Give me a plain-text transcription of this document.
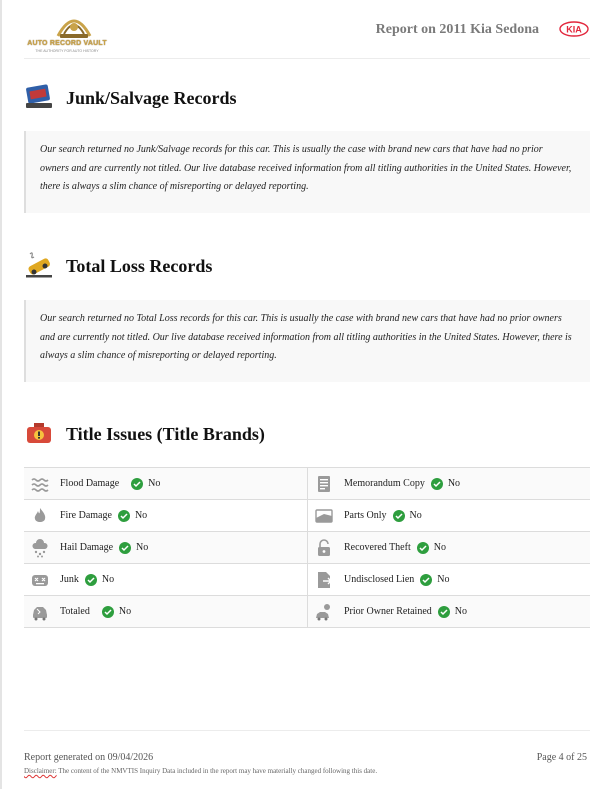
AUTO RECORD VAULT
THE AUTHORITY FOR AUTO HISTORY
Report on 2011 Kia Sedona	KIA
Junk/Salvage Records

Our search returned no Junk/Salvage records for this car. This is usually the case with brand new cars that have had no prior owners and are currently not titled. Our live database received information from all titling authorities in the United States. However, there is always a slim chance of misreporting or delayed reporting.

Total Loss Records

Our search returned no Total Loss records for this car. This is usually the case with brand new cars that have had no prior owners and are currently not titled. Our live database received information from all titling authorities in the United States. However, there is always a slim chance of misreporting or delayed reporting.

Title Issues (Title Brands)
Flood Damage	No	Memorandum Copy No
Fire Damage No	Parts Only No
Hail Damage No	Recovered Theft No
Junk No	Undisclosed Lien No
Totaled	No	Prior Owner Retained No
Report generated on 09/04/2026	Page 4 of 25
Disclaimer: The content of the NMVTIS Inquiry Data included in the report may have materially changed following this date.
